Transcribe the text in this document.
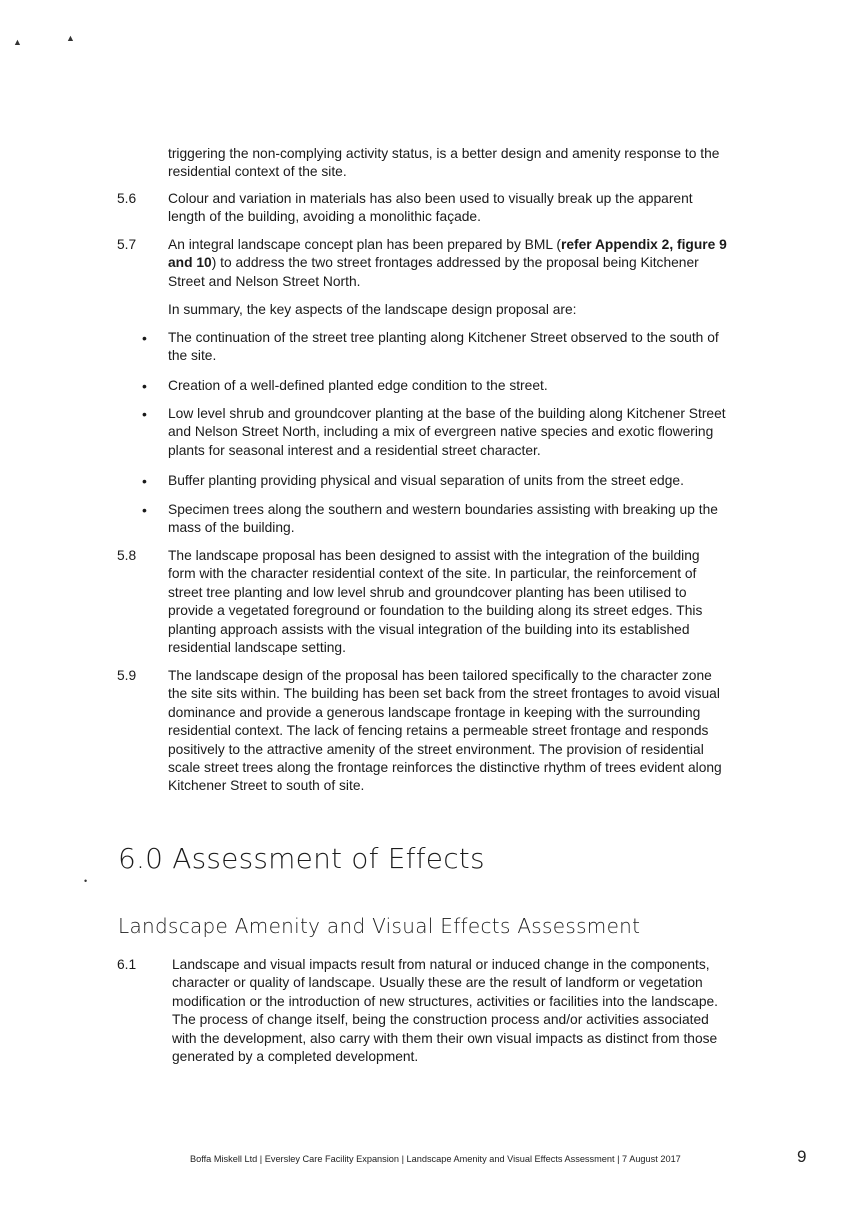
▲	▲
•
triggering the non-complying activity status, is a better design and amenity response to the residential context of the site.
5.6 Colour and variation in materials has also been used to visually break up the apparent length of the building, avoiding a monolithic façade.
5.7 An integral landscape concept plan has been prepared by BML (refer Appendix 2, figure 9 and 10) to address the two street frontages addressed by the proposal being Kitchener Street and Nelson Street North.
In summary, the key aspects of the landscape design proposal are:
• The continuation of the street tree planting along Kitchener Street observed to the south of the site.
• Creation of a well-defined planted edge condition to the street.
• Low level shrub and groundcover planting at the base of the building along Kitchener Street and Nelson Street North, including a mix of evergreen native species and exotic flowering plants for seasonal interest and a residential street character.
• Buffer planting providing physical and visual separation of units from the street edge.
• Specimen trees along the southern and western boundaries assisting with breaking up the mass of the building.
5.8 The landscape proposal has been designed to assist with the integration of the building form with the character residential context of the site. In particular, the reinforcement of street tree planting and low level shrub and groundcover planting has been utilised to provide a vegetated foreground or foundation to the building along its street edges. This planting approach assists with the visual integration of the building into its established residential landscape setting.
5.9 The landscape design of the proposal has been tailored specifically to the character zone the site sits within. The building has been set back from the street frontages to avoid visual dominance and provide a generous landscape frontage in keeping with the surrounding residential context. The lack of fencing retains a permeable street frontage and responds positively to the attractive amenity of the street environment. The provision of residential scale street trees along the frontage reinforces the distinctive rhythm of trees evident along Kitchener Street to south of site.
6.0 Assessment of Effects
Landscape Amenity and Visual Effects Assessment
6.1	Landscape and visual impacts result from natural or induced change in the components, character or quality of landscape. Usually these are the result of landform or vegetation modification or the introduction of new structures, activities or facilities into the landscape. The process of change itself, being the construction process and/or activities associated with the development, also carry with them their own visual impacts as distinct from those generated by a completed development.
Boffa Miskell Ltd | Eversley Care Facility Expansion | Landscape Amenity and Visual Effects Assessment | 7 August 2017	9
